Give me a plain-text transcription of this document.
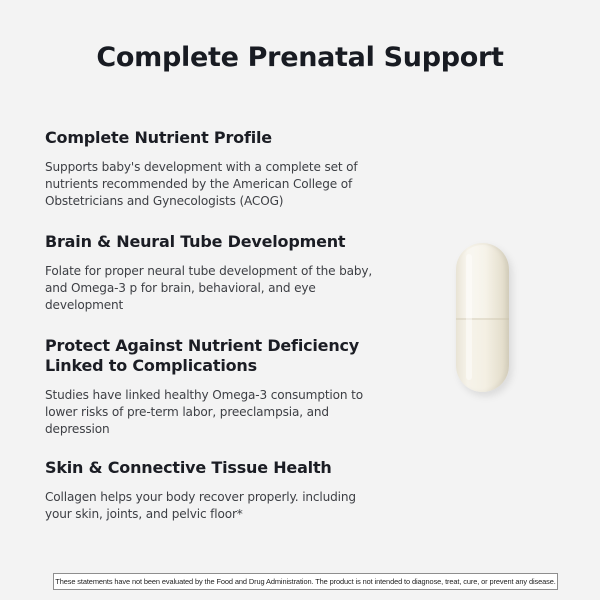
Complete Prenatal Support
Complete Nutrient Profile

Supports baby's development with a complete set of nutrients recommended by the American College of Obstetricians and Gynecologists (ACOG)

Brain & Neural Tube Development

Folate for proper neural tube development of the baby, and Omega-3 p for brain, behavioral, and eye development

Protect Against Nutrient Deficiency Linked to Complications

Studies have linked healthy Omega-3 consumption to lower risks of pre-term labor, preeclampsia, and depression

Skin & Connective Tissue Health

Collagen helps your body recover properly. including your skin, joints, and pelvic floor*

These statements have not been evaluated by the Food and Drug Administration. The product is not intended to diagnose, treat, cure, or prevent any disease.
